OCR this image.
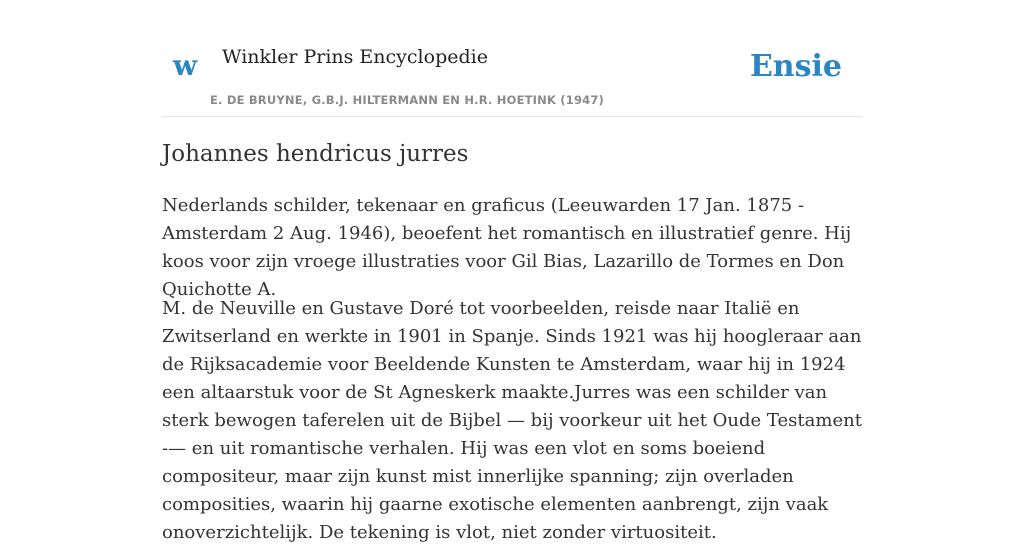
w Winkler Prins Encyclopedie
E. DE BRUYNE, G.B.J. HILTERMANN EN H.R. HOETINK (1947)
Ensie
Johannes hendricus jurres

Nederlands schilder, tekenaar en graficus (Leeuwarden 17 Jan. 1875 - Amsterdam 2 Aug. 1946), beoefent het romantisch en illustratief genre. Hij koos voor zijn vroege illustraties voor Gil Bias, Lazarillo de Tormes en Don Quichotte A.

M. de Neuville en Gustave Doré tot voorbeelden, reisde naar Italië en Zwitserland en werkte in 1901 in Spanje. Sinds 1921 was hij hoogleraar aan de Rijksacademie voor Beeldende Kunsten te Amsterdam, waar hij in 1924 een altaarstuk voor de St Agneskerk maakte.Jurres was een schilder van sterk bewogen taferelen uit de Bijbel — bij voorkeur uit het Oude Testament -— en uit romantische verhalen. Hij was een vlot en soms boeiend compositeur, maar zijn kunst mist innerlijke spanning; zijn overladen composities, waarin hij gaarne exotische elementen aanbrengt, zijn vaak onoverzichtelijk. De tekening is vlot, niet zonder virtuositeit.
